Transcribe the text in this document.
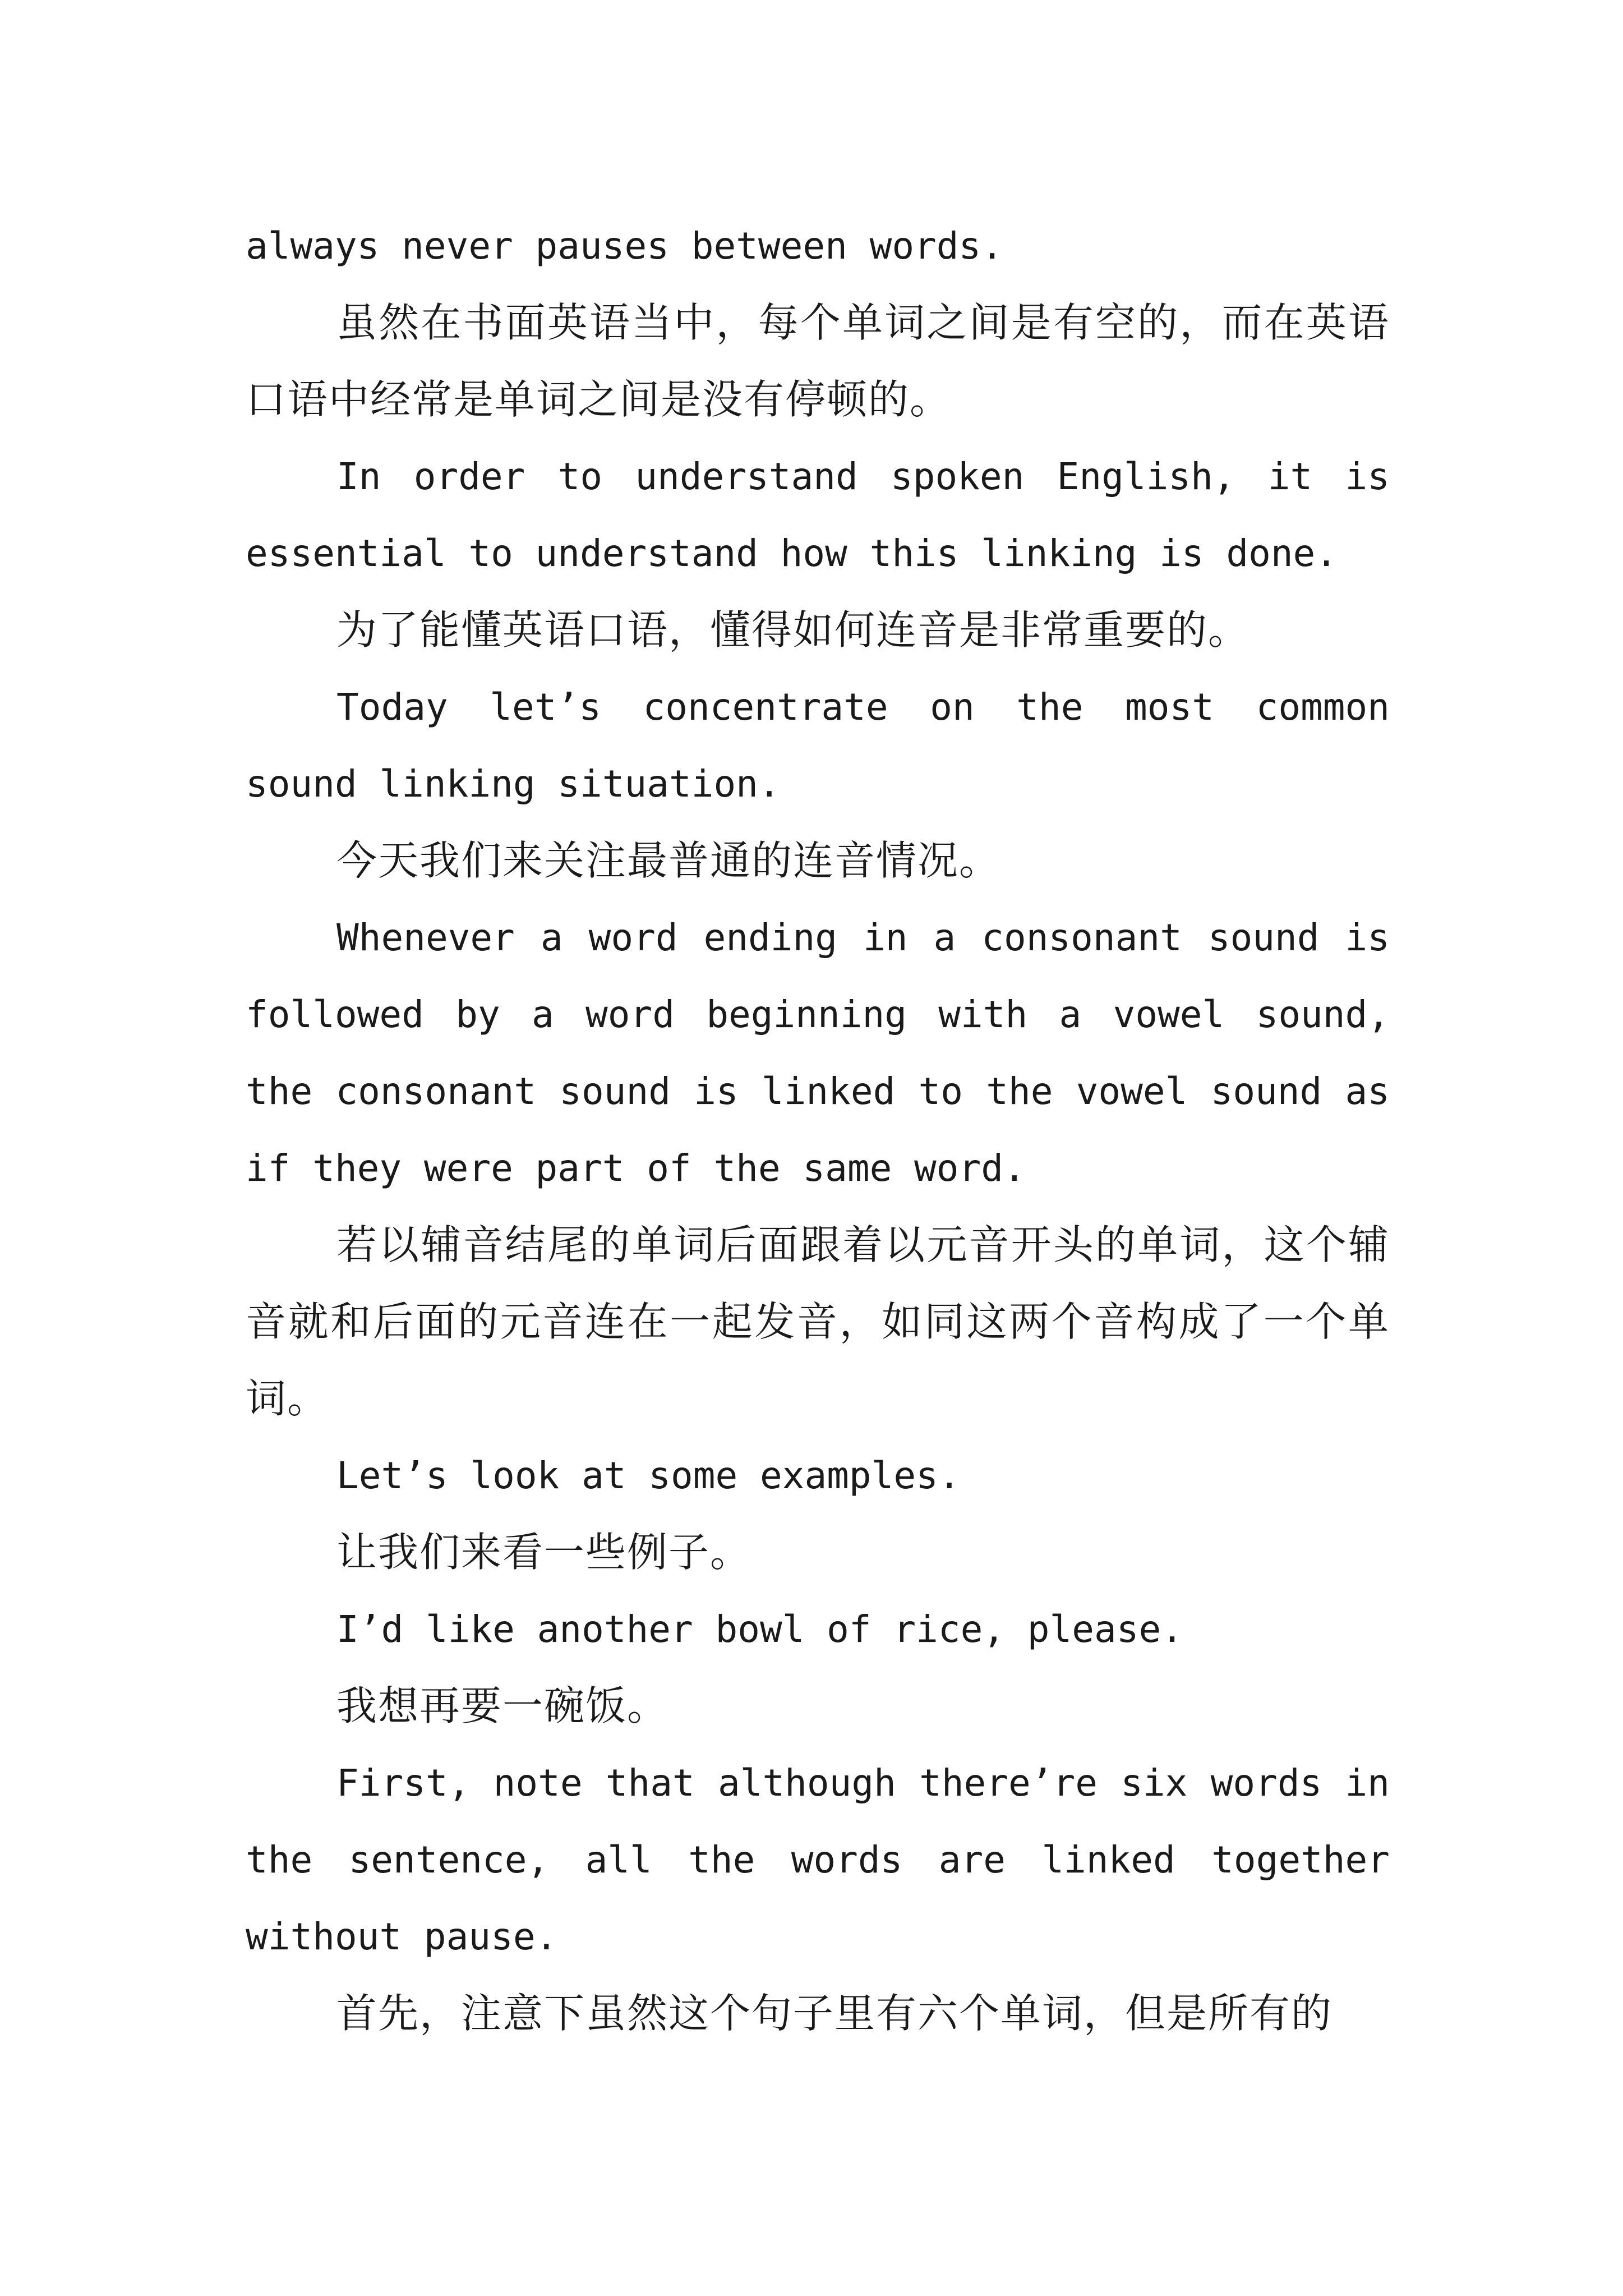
always never pauses between words.

虽然在书面英语当中，每个单词之间是有空的，而在英语口语中经常是单词之间是没有停顿的。

In order to understand spoken English, it is essential to understand how this linking is done.

为了能懂英语口语，懂得如何连音是非常重要的。

Today let’s concentrate on the most common sound linking situation.

今天我们来关注最普通的连音情况。

Whenever a word ending in a consonant sound is followed by a word beginning with a vowel sound, the consonant sound is linked to the vowel sound as if they were part of the same word.

若以辅音结尾的单词后面跟着以元音开头的单词，这个辅音就和后面的元音连在一起发音，如同这两个音构成了一个单词。

Let’s look at some examples.

让我们来看一些例子。

I’d like another bowl of rice, please.

我想再要一碗饭。

First, note that although there’re six words in the sentence, all the words are linked together without pause.

首先，注意下虽然这个句子里有六个单词，但是所有的
